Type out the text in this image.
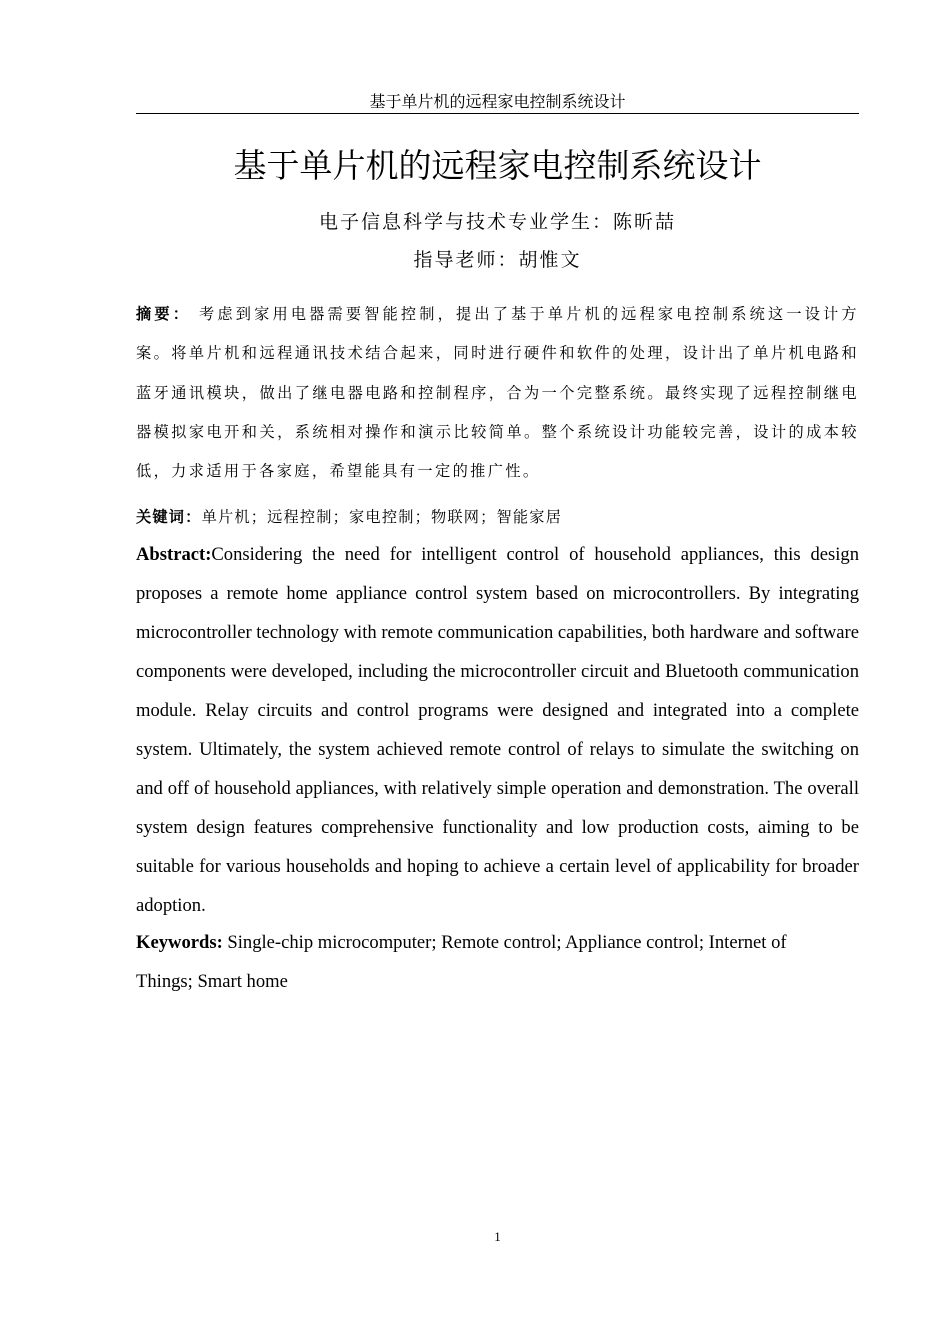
基于单片机的远程家电控制系统设计
基于单片机的远程家电控制系统设计
电子信息科学与技术专业学生：陈昕喆
指导老师：胡惟文
摘要： 考虑到家用电器需要智能控制，提出了基于单片机的远程家电控制系统这一设计方案。将单片机和远程通讯技术结合起来，同时进行硬件和软件的处理，设计出了单片机电路和蓝牙通讯模块，做出了继电器电路和控制程序，合为一个完整系统。最终实现了远程控制继电器模拟家电开和关，系统相对操作和演示比较简单。整个系统设计功能较完善，设计的成本较低，力求适用于各家庭，希望能具有一定的推广性。
关键词：单片机；远程控制；家电控制；物联网；智能家居
Abstract:Considering the need for intelligent control of household appliances, this design proposes a remote home appliance control system based on microcontrollers. By integrating microcontroller technology with remote communication capabilities, both hardware and software components were developed, including the microcontroller circuit and Bluetooth communication module. Relay circuits and control programs were designed and integrated into a complete system. Ultimately, the system achieved remote control of relays to simulate the switching on and off of household appliances, with relatively simple operation and demonstration. The overall system design features comprehensive functionality and low production costs, aiming to be suitable for various households and hoping to achieve a certain level of applicability for broader adoption.
Keywords: Single-chip microcomputer; Remote control; Appliance control; Internet of Things; Smart home
1
